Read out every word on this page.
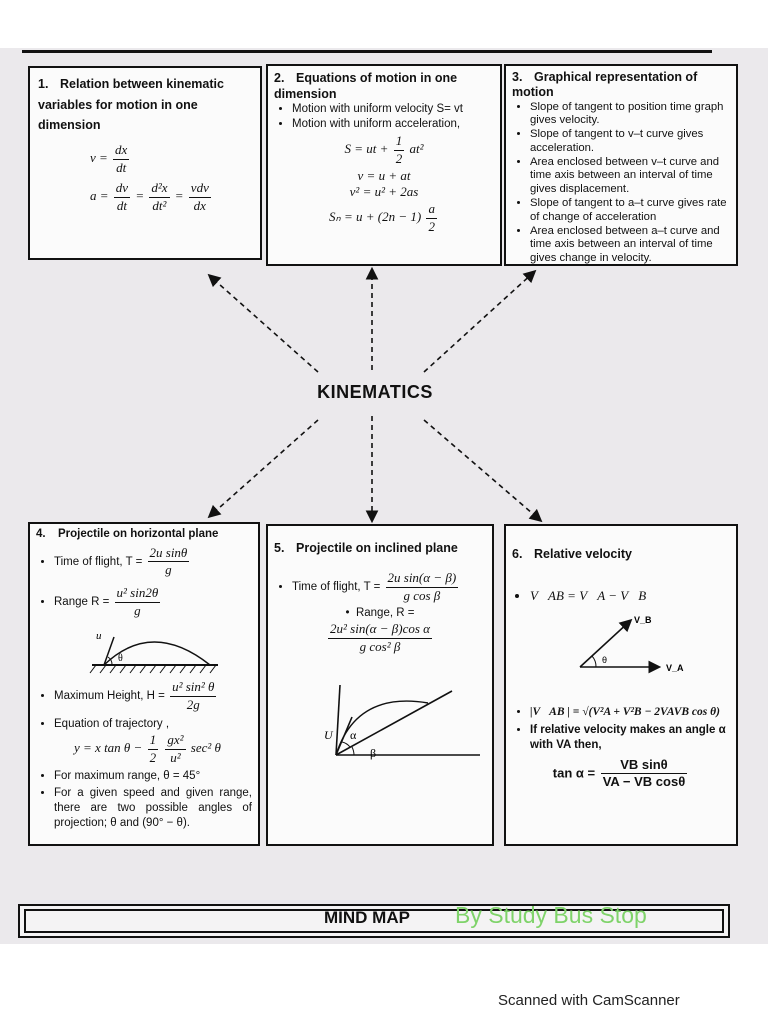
KINEMATICS
1. Relation between kinematic variables for motion in one dimension
$v = \frac{dx}{dt}$
$a = \frac{dv}{dt} = \frac{\text{d²x}}{\text{dt²}} = \frac{\text{vdv}}{dx}$
2. Equations of motion in one dimension
• Motion with uniform velocity S= vt
• Motion with uniform acceleration,
S = ut + $\frac{1}{2} at^2$
v = u + at
v² = u² + 2as
$S_n = u + (2n - 1) \frac{a}{2}$
3. Graphical representation of motion
• Slope of tangent to position time graph gives velocity.
• Slope of tangent to v–t curve gives acceleration.
• Area enclosed between v–t curve and time axis between an interval of time gives displacement.
• Slope of tangent to a–t curve gives rate of change of acceleration
• Area enclosed between a–t curve and time axis between an interval of time gives change in velocity.
4. Projectile on horizontal plane
• Time of flight, $T = \frac{\text{2u sinθ}}{g}$
• Range $R = \frac{\text{u² sin2θ}}{g}$
u
θ
• Maximum Height, $H = \frac{\text{u² sin² θ}}{2g}$
• Equation of trajectory ,
y = x $\tan \theta - \frac{1}{2}$
$\frac{\text{gx²}}{\text{u²}} \sec^2$ θ
• For maximum range, θ = 45°
• For a given speed and given range, there are two possible angles of projection; θ and (90° − θ).
5. Projectile on inclined plane
• Time of flight, $T = \frac{\text{2u sin(α − β)}}{\text{g cos β}}$
•  Range, R =
$\frac{\text{2u² sin(α − β)cos α}}{\text{g cos² β}}$
U α
β
6. Relative velocity
• V⃗AB = V⃗A − V⃗B
V_B
V_A
θ
• |V⃗AB | = √(V²A + V²B − 2VAVB cos θ)
• If relative velocity makes an angle α with VA then,
$\tan \alpha = \frac{\text{VB sinθ}}{\text{VA − VB cosθ}}$
MIND MAP By Study Bus Stop
Scanned with CamScanner
